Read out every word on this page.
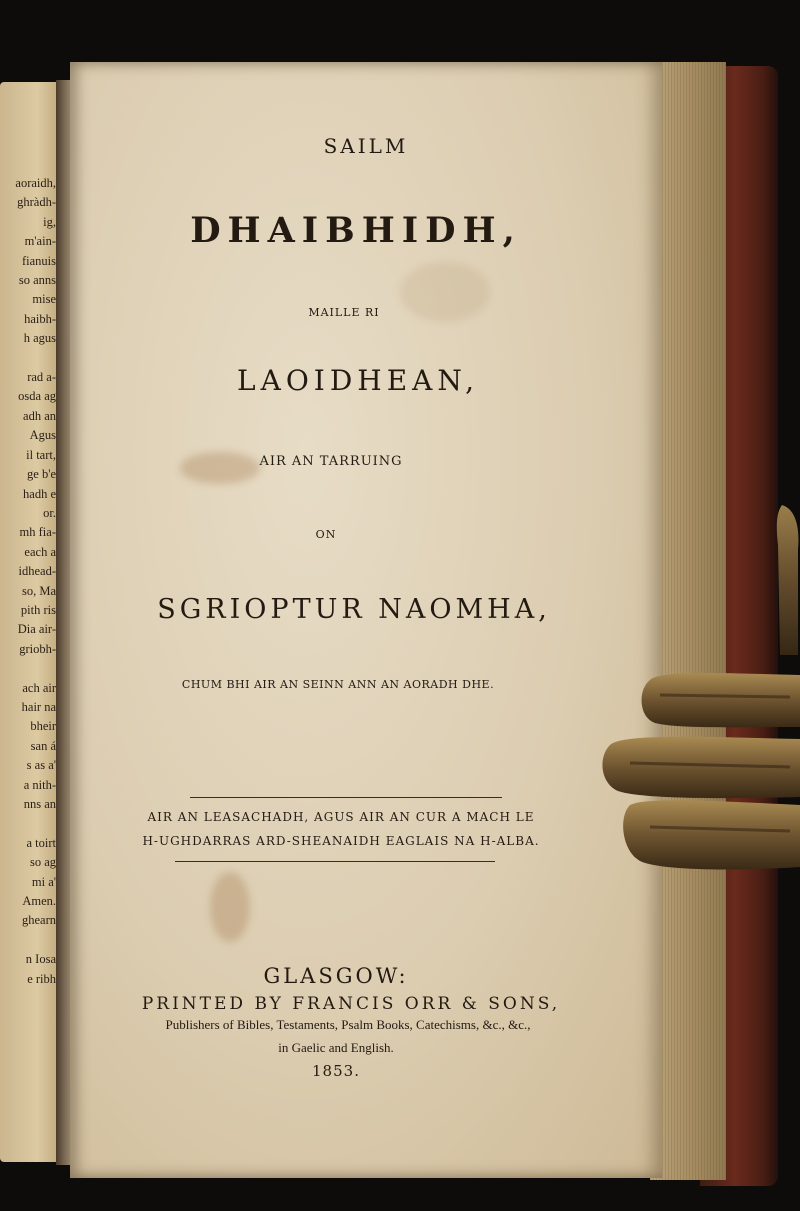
aoraidh,
ghràdh-
ig,
m'ain-
fianuis
so anns
mise
haibh-
h agus

rad a-
osda ag
adh an
Agus
il tart,
ge b'e
hadh e
or.
mh fia-
each a
idhead-
so, Ma
pith ris
Dia air-
griobh-

ach air
hair na
bheir
san á
s as a'
a nith-
nns an

a toirt
so ag
mi a'
Amen.
ghearn

n Iosa
e ribh
SAILM
DHAIBHIDH,
MAILLE RI
LAOIDHEAN,
AIR AN TARRUING
ON
SGRIOPTUR NAOMHA,
CHUM BHI AIR AN SEINN ANN AN AORADH DHE.
AIR AN LEASACHADH, AGUS AIR AN CUR A MACH LE
H-UGHDARRAS ARD-SHEANAIDH EAGLAIS NA H-ALBA.
GLASGOW:
PRINTED BY FRANCIS ORR & SONS,
Publishers of Bibles, Testaments, Psalm Books, Catechisms, &c., &c.,
in Gaelic and English.
1853.
